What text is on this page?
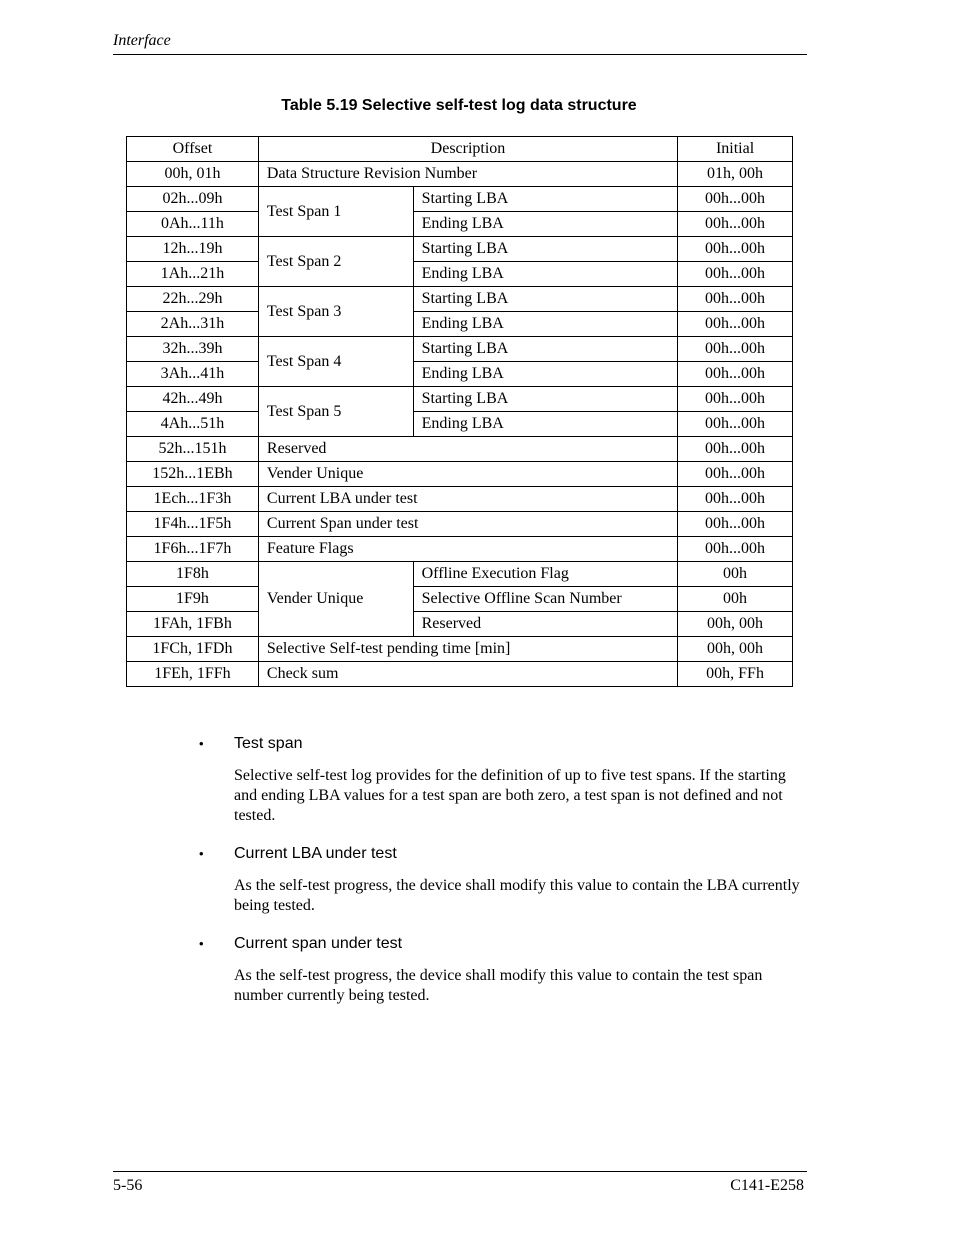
Interface
Table 5.19 Selective self-test log data structure
Offset	Description		Initial
00h, 01h	Data Structure Revision Number		01h, 00h
02h...09h	Test Span 1	Starting LBA	00h...00h
0Ah...11h		Ending LBA	00h...00h
12h...19h	Test Span 2	Starting LBA	00h...00h
1Ah...21h		Ending LBA	00h...00h
22h...29h	Test Span 3	Starting LBA	00h...00h
2Ah...31h		Ending LBA	00h...00h
32h...39h	Test Span 4	Starting LBA	00h...00h
3Ah...41h		Ending LBA	00h...00h
42h...49h	Test Span 5	Starting LBA	00h...00h
4Ah...51h		Ending LBA	00h...00h
52h...151h	Reserved		00h...00h
152h...1EBh	Vender Unique		00h...00h
1Ech...1F3h	Current LBA under test		00h...00h
1F4h...1F5h	Current Span under test		00h...00h
1F6h...1F7h	Feature Flags		00h...00h
1F8h	Vender Unique	Offline Execution Flag	00h
1F9h		Selective Offline Scan Number	00h
1FAh, 1FBh		Reserved	00h, 00h
1FCh, 1FDh	Selective Self-test pending time [min]		00h, 00h
1FEh, 1FFh	Check sum		00h, FFh
• Test span
Selective self-test log provides for the definition of up to five test spans. If the starting and ending LBA values for a test span are both zero, a test span is not defined and not tested.
• Current LBA under test
As the self-test progress, the device shall modify this value to contain the LBA currently being tested.
• Current span under test
As the self-test progress, the device shall modify this value to contain the test span number currently being tested.
5-56	C141-E258
